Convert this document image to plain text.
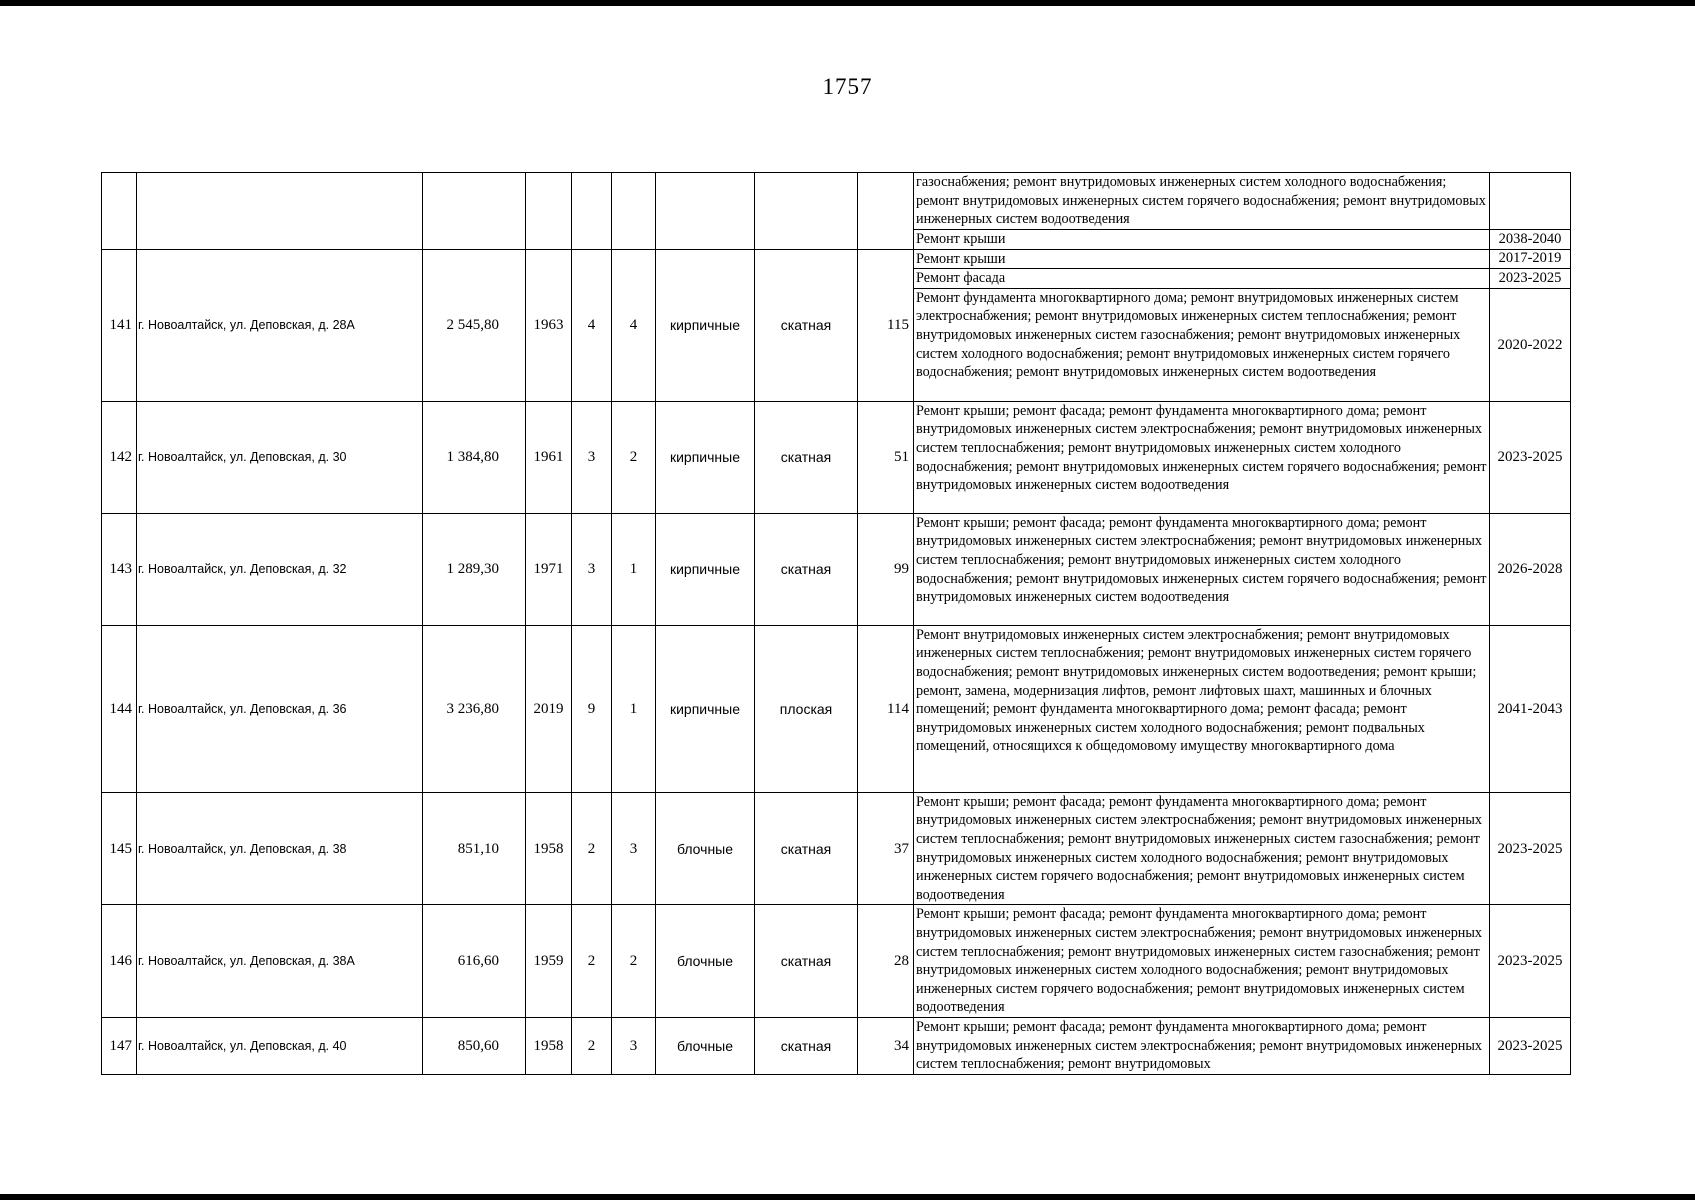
1757
									газоснабжения; ремонт внутридомовых инженерных систем холодного водоснабжения; ремонт внутридомовых инженерных систем горячего водоснабжения; ремонт внутридомовых инженерных систем водоотведения	
									Ремонт крыши	2038-2040
141	г. Новоалтайск, ул. Деповская, д. 28А	2 545,80	1963	4	4	кирпичные	скатная	115	Ремонт крыши	2017-2019
									Ремонт фасада	2023-2025
									Ремонт фундамента многоквартирного дома; ремонт внутридомовых инженерных систем электроснабжения; ремонт внутридомовых инженерных систем теплоснабжения; ремонт внутридомовых инженерных систем газоснабжения; ремонт внутридомовых инженерных систем холодного водоснабжения; ремонт внутридомовых инженерных систем горячего водоснабжения; ремонт внутридомовых инженерных систем водоотведения	2020-2022
142	г. Новоалтайск, ул. Деповская, д. 30	1 384,80	1961	3	2	кирпичные	скатная	51	Ремонт крыши; ремонт фасада; ремонт фундамента многоквартирного дома; ремонт внутридомовых инженерных систем электроснабжения; ремонт внутридомовых инженерных систем теплоснабжения; ремонт внутридомовых инженерных систем холодного водоснабжения; ремонт внутридомовых инженерных систем горячего водоснабжения; ремонт внутридомовых инженерных систем водоотведения	2023-2025
143	г. Новоалтайск, ул. Деповская, д. 32	1 289,30	1971	3	1	кирпичные	скатная	99	Ремонт крыши; ремонт фасада; ремонт фундамента многоквартирного дома; ремонт внутридомовых инженерных систем электроснабжения; ремонт внутридомовых инженерных систем теплоснабжения; ремонт внутридомовых инженерных систем холодного водоснабжения; ремонт внутридомовых инженерных систем горячего водоснабжения; ремонт внутридомовых инженерных систем водоотведения	2026-2028
144	г. Новоалтайск, ул. Деповская, д. 36	3 236,80	2019	9	1	кирпичные	плоская	114	Ремонт внутридомовых инженерных систем электроснабжения; ремонт внутридомовых инженерных систем теплоснабжения; ремонт внутридомовых инженерных систем горячего водоснабжения; ремонт внутридомовых инженерных систем водоотведения; ремонт крыши; ремонт, замена, модернизация лифтов, ремонт лифтовых шахт, машинных и блочных помещений; ремонт фундамента многоквартирного дома; ремонт фасада; ремонт внутридомовых инженерных систем холодного водоснабжения; ремонт подвальных помещений, относящихся к общедомовому имуществу многоквартирного дома	2041-2043
145	г. Новоалтайск, ул. Деповская, д. 38	851,10	1958	2	3	блочные	скатная	37	Ремонт крыши; ремонт фасада; ремонт фундамента многоквартирного дома; ремонт внутридомовых инженерных систем электроснабжения; ремонт внутридомовых инженерных систем теплоснабжения; ремонт внутридомовых инженерных систем газоснабжения; ремонт внутридомовых инженерных систем холодного водоснабжения; ремонт внутридомовых инженерных систем горячего водоснабжения; ремонт внутридомовых инженерных систем водоотведения	2023-2025
146	г. Новоалтайск, ул. Деповская, д. 38А	616,60	1959	2	2	блочные	скатная	28	Ремонт крыши; ремонт фасада; ремонт фундамента многоквартирного дома; ремонт внутридомовых инженерных систем электроснабжения; ремонт внутридомовых инженерных систем теплоснабжения; ремонт внутридомовых инженерных систем газоснабжения; ремонт внутридомовых инженерных систем холодного водоснабжения; ремонт внутридомовых инженерных систем горячего водоснабжения; ремонт внутридомовых инженерных систем водоотведения	2023-2025
147	г. Новоалтайск, ул. Деповская, д. 40	850,60	1958	2	3	блочные	скатная	34	Ремонт крыши; ремонт фасада; ремонт фундамента многоквартирного дома; ремонт внутридомовых инженерных систем электроснабжения; ремонт внутридомовых инженерных систем теплоснабжения; ремонт внутридомовых	2023-2025
